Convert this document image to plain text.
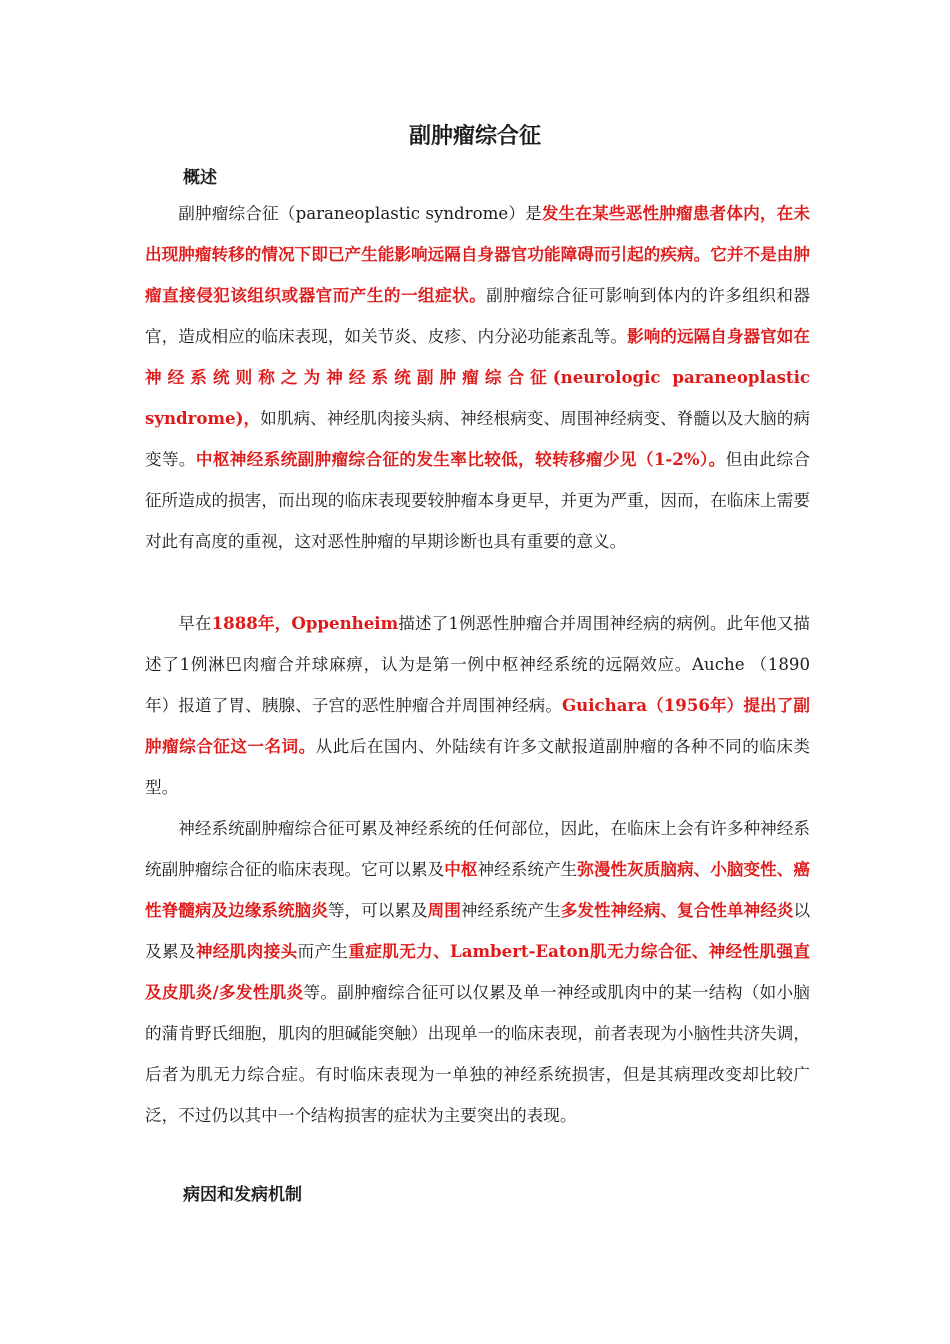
副肿瘤综合征
概述

副肿瘤综合征（paraneoplastic syndrome）是发生在某些恶性肿瘤患者体内，在未出现肿瘤转移的情况下即已产生能影响远隔自身器官功能障碍而引起的疾病。它并不是由肿瘤直接侵犯该组织或器官而产生的一组症状。副肿瘤综合征可影响到体内的许多组织和器官，造成相应的临床表现，如关节炎、皮疹、内分泌功能紊乱等。影响的远隔自身器官如在神经系统则称之为神经系统副肿瘤综合征(neurologic paraneoplastic syndrome)，如肌病、神经肌肉接头病、神经根病变、周围神经病变、脊髓以及大脑的病变等。中枢神经系统副肿瘤综合征的发生率比较低，较转移瘤少见（1-2%）。但由此综合征所造成的损害，而出现的临床表现要较肿瘤本身更早，并更为严重，因而，在临床上需要对此有高度的重视，这对恶性肿瘤的早期诊断也具有重要的意义。

早在1888年，Oppenheim描述了1例恶性肿瘤合并周围神经病的病例。此年他又描述了1例淋巴肉瘤合并球麻痹，认为是第一例中枢神经系统的远隔效应。Auche （1890年）报道了胃、胰腺、子宫的恶性肿瘤合并周围神经病。Guichara（1956年）提出了副肿瘤综合征这一名词。从此后在国内、外陆续有许多文献报道副肿瘤的各种不同的临床类型。

神经系统副肿瘤综合征可累及神经系统的任何部位，因此，在临床上会有许多种神经系统副肿瘤综合征的临床表现。它可以累及中枢神经系统产生弥漫性灰质脑病、小脑变性、癌性脊髓病及边缘系统脑炎等，可以累及周围神经系统产生多发性神经病、复合性单神经炎以及累及神经肌肉接头而产生重症肌无力、Lambert-Eaton肌无力综合征、神经性肌强直及皮肌炎/多发性肌炎等。副肿瘤综合征可以仅累及单一神经或肌肉中的某一结构（如小脑的蒲肯野氏细胞，肌肉的胆碱能突触）出现单一的临床表现，前者表现为小脑性共济失调，后者为肌无力综合症。有时临床表现为一单独的神经系统损害，但是其病理改变却比较广泛，不过仍以其中一个结构损害的症状为主要突出的表现。

病因和发病机制
